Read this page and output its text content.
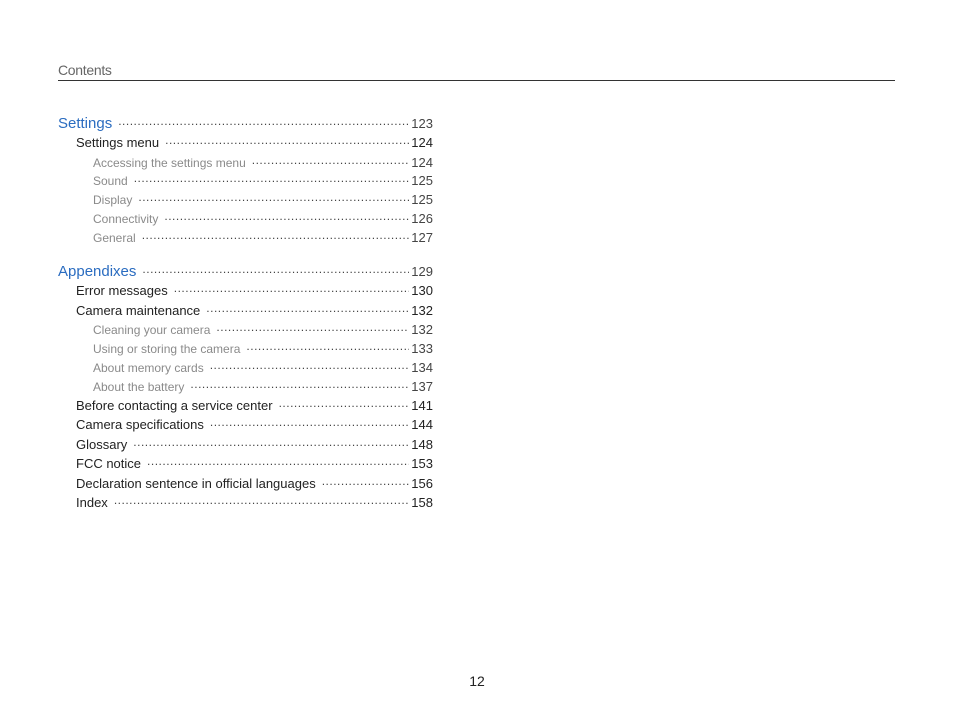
Contents
Settings .....	123
Settings menu .....	124
Accessing the settings menu .....	124
Sound .....	125
Display .....	125
Connectivity .....	126
General .....	127
Appendixes .....	129
Error messages .....	130
Camera maintenance .....	132
Cleaning your camera .....	132
Using or storing the camera .....	133
About memory cards .....	134
About the battery .....	137
Before contacting a service center .....	141
Camera specifications .....	144
Glossary .....	148
FCC notice .....	153
Declaration sentence in official languages .....	156
Index .....	158
12
